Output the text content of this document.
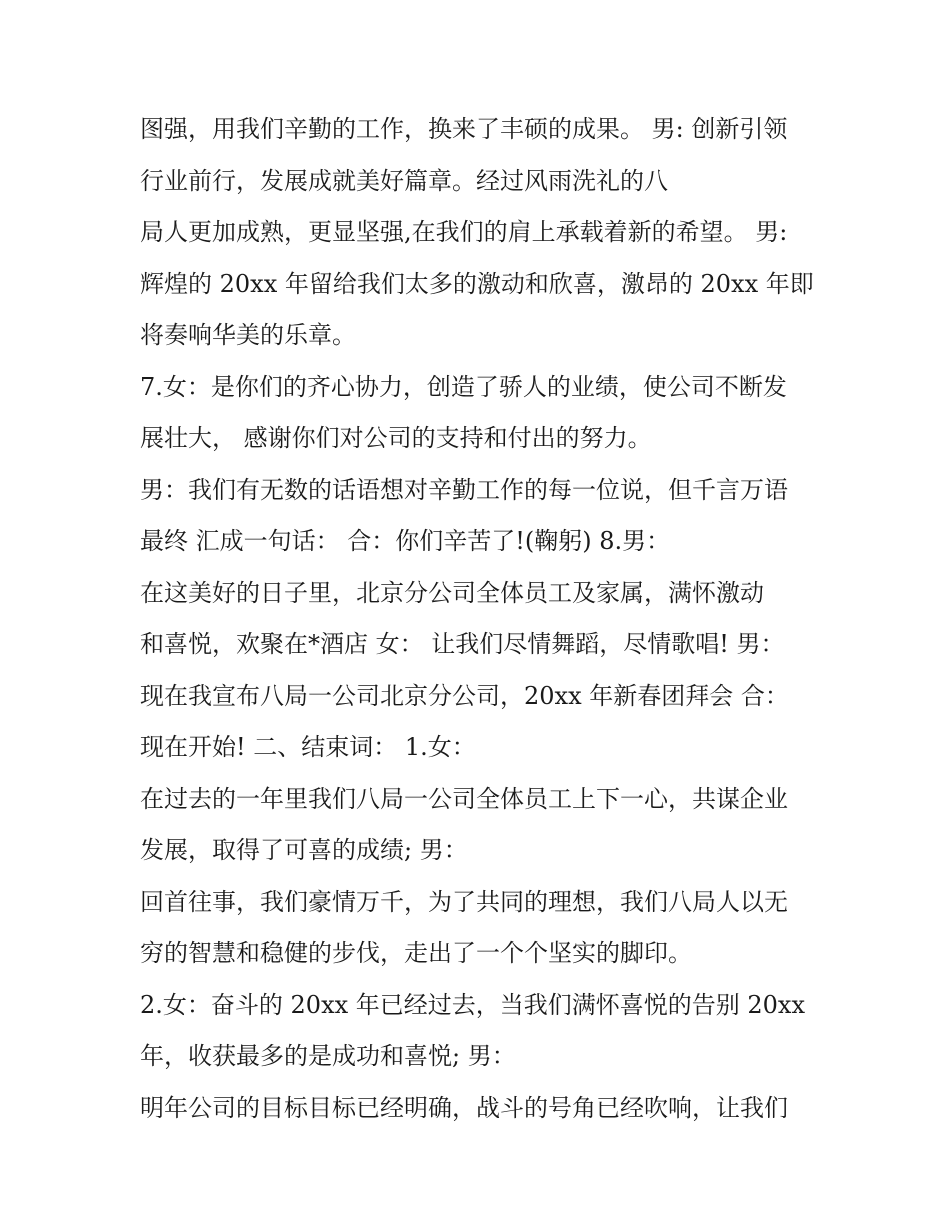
图强，用我们辛勤的工作，换来了丰硕的成果。 男: 创新引领
行业前行，发展成就美好篇章。经过风雨洗礼的八
局人更加成熟，更显坚强,在我们的肩上承载着新的希望。 男:
辉煌的 20xx 年留给我们太多的激动和欣喜，激昂的 20xx 年即
将奏响华美的乐章。
7.女：是你们的齐心协力，创造了骄人的业绩，使公司不断发
展壮大， 感谢你们对公司的支持和付出的努力。
男：我们有无数的话语想对辛勤工作的每一位说，但千言万语
最终 汇成一句话： 合：你们辛苦了!(鞠躬) 8.男：
在这美好的日子里，北京分公司全体员工及家属，满怀激动
和喜悦，欢聚在*酒店 女： 让我们尽情舞蹈，尽情歌唱! 男：
现在我宣布八局一公司北京分公司，20xx 年新春团拜会 合：
现在开始! 二、结束词： 1.女：
在过去的一年里我们八局一公司全体员工上下一心，共谋企业
发展，取得了可喜的成绩; 男：
回首往事，我们豪情万千，为了共同的理想，我们八局人以无
穷的智慧和稳健的步伐，走出了一个个坚实的脚印。
2.女：奋斗的 20xx 年已经过去，当我们满怀喜悦的告别 20xx
年，收获最多的是成功和喜悦; 男：
明年公司的目标目标已经明确，战斗的号角已经吹响，让我们
